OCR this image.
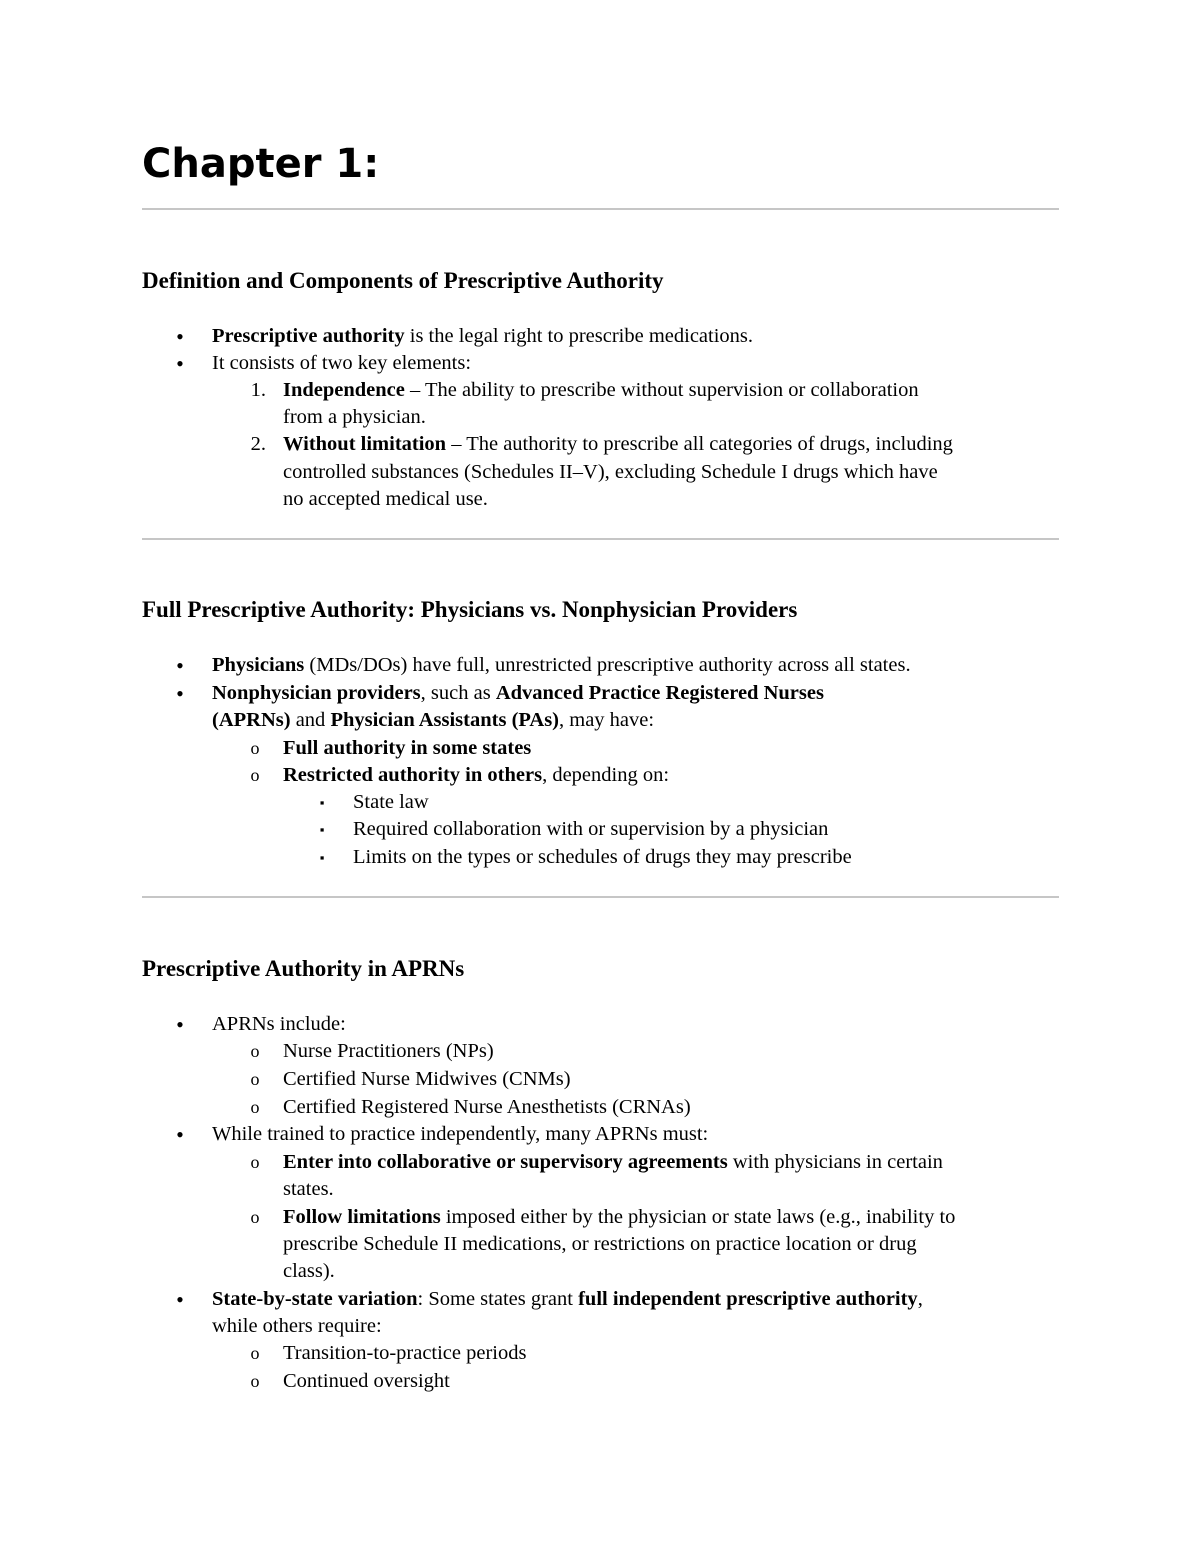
Chapter 1:
Definition and Components of Prescriptive Authority
• Prescriptive authority is the legal right to prescribe medications.
• It consists of two key elements:
1. Independence – The ability to prescribe without supervision or collaboration
from a physician.
2. Without limitation – The authority to prescribe all categories of drugs, including
controlled substances (Schedules II–V), excluding Schedule I drugs which have
no accepted medical use.
Full Prescriptive Authority: Physicians vs. Nonphysician Providers
• Physicians (MDs/DOs) have full, unrestricted prescriptive authority across all states.
• Nonphysician providers, such as Advanced Practice Registered Nurses
(APRNs) and Physician Assistants (PAs), may have:
o Full authority in some states
o Restricted authority in others, depending on:
▪ State law
▪ Required collaboration with or supervision by a physician
▪ Limits on the types or schedules of drugs they may prescribe
Prescriptive Authority in APRNs
• APRNs include:
o Nurse Practitioners (NPs)
o Certified Nurse Midwives (CNMs)
o Certified Registered Nurse Anesthetists (CRNAs)
• While trained to practice independently, many APRNs must:
o Enter into collaborative or supervisory agreements with physicians in certain
states.
o Follow limitations imposed either by the physician or state laws (e.g., inability to
prescribe Schedule II medications, or restrictions on practice location or drug
class).
• State-by-state variation: Some states grant full independent prescriptive authority,
while others require:
o Transition-to-practice periods
o Continued oversight
